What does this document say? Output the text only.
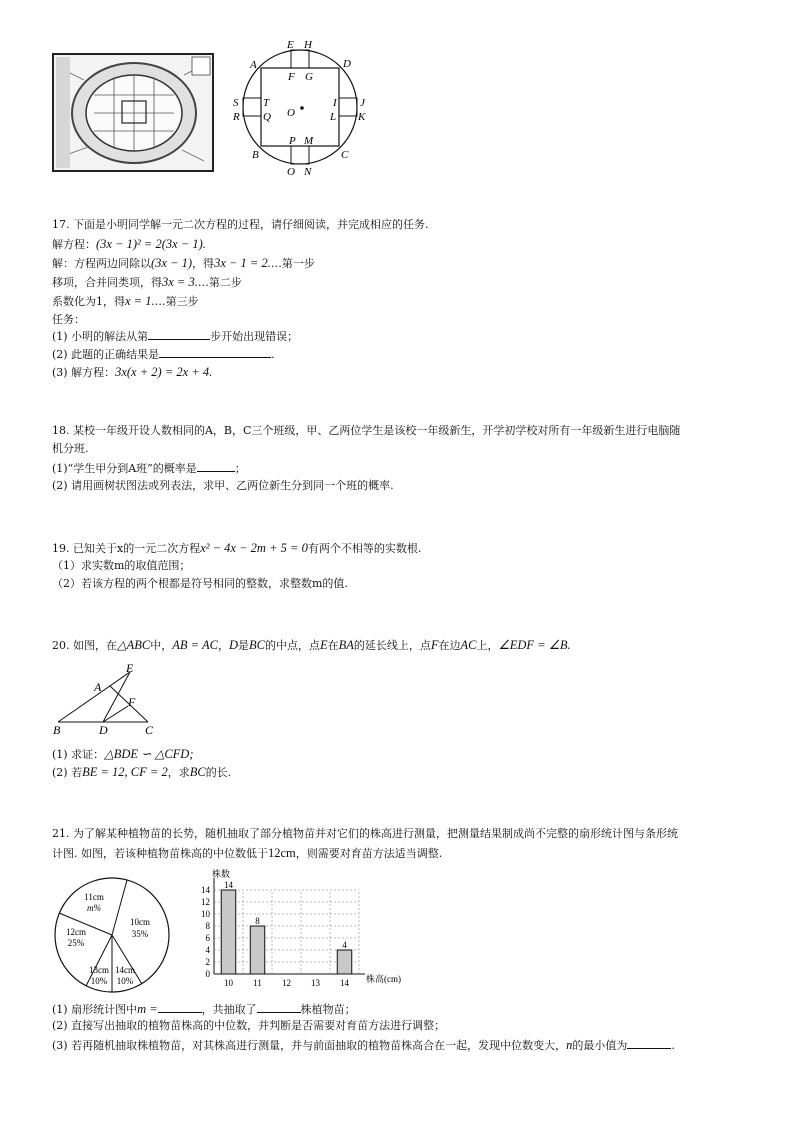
E H
A
F G
D
S T
O
I J
R Q	L K
P M
B	C
O N
17. 下面是小明同学解一元二次方程的过程，请仔细阅读，并完成相应的任务.
解方程：(3x − 1)² = 2(3x − 1).
解：方程两边同除以(3x − 1)，得3x − 1 = 2.…第一步
移项，合并同类项，得3x = 3.…第二步
系数化为1，得x = 1.…第三步
任务：
(1) 小明的解法从第	步开始出现错误；
(2) 此题的正确结果是	.
(3) 解方程：3x(x + 2) = 2x + 4.
18. 某校一年级开设人数相同的A，B，C三个班级，甲、乙两位学生是该校一年级新生，开学初学校对所有一年级新生进行电脑随
机分班.
(1)“学生甲分到A班”的概率是	；
(2) 请用画树状图法或列表法，求甲、乙两位新生分到同一个班的概率.
19. 已知关于x的一元二次方程x² − 4x − 2m + 5 = 0有两个不相等的实数根.
（1）求实数m的取值范围；
（2）若该方程的两个根都是符号相同的整数，求整数m的值.
20. 如图，在△ABC中，AB = AC，D是BC的中点，点E在BA的延长线上，点F在边AC上，∠EDF = ∠B.
E
A
F
B	D	C
(1) 求证：△BDE ∽ △CFD;
(2) 若BE = 12, CF = 2，求BC的长.
21. 为了解某种植物苗的长势，随机抽取了部分植物苗并对它们的株高进行测量，把测量结果制成尚不完整的扇形统计图与条形统
计图. 如图，若该种植物苗株高的中位数低于12cm，则需要对育苗方法适当调整.
11cm
m%
10cm
35%
12cm
25%
13cm
10%
14cm
10%
株数
株高(cm)
0
2
4
6
8
10
12
14
10
14
11
8
12 13 14
4
(1) 扇形统计图中m =	，共抽取了	株植物苗；
(2) 直接写出抽取的植物苗株高的中位数，并判断是否需要对育苗方法进行调整；
(3) 若再随机抽取株植物苗，对其株高进行测量，并与前面抽取的植物苗株高合在一起，发现中位数变大，n的最小值为	.
